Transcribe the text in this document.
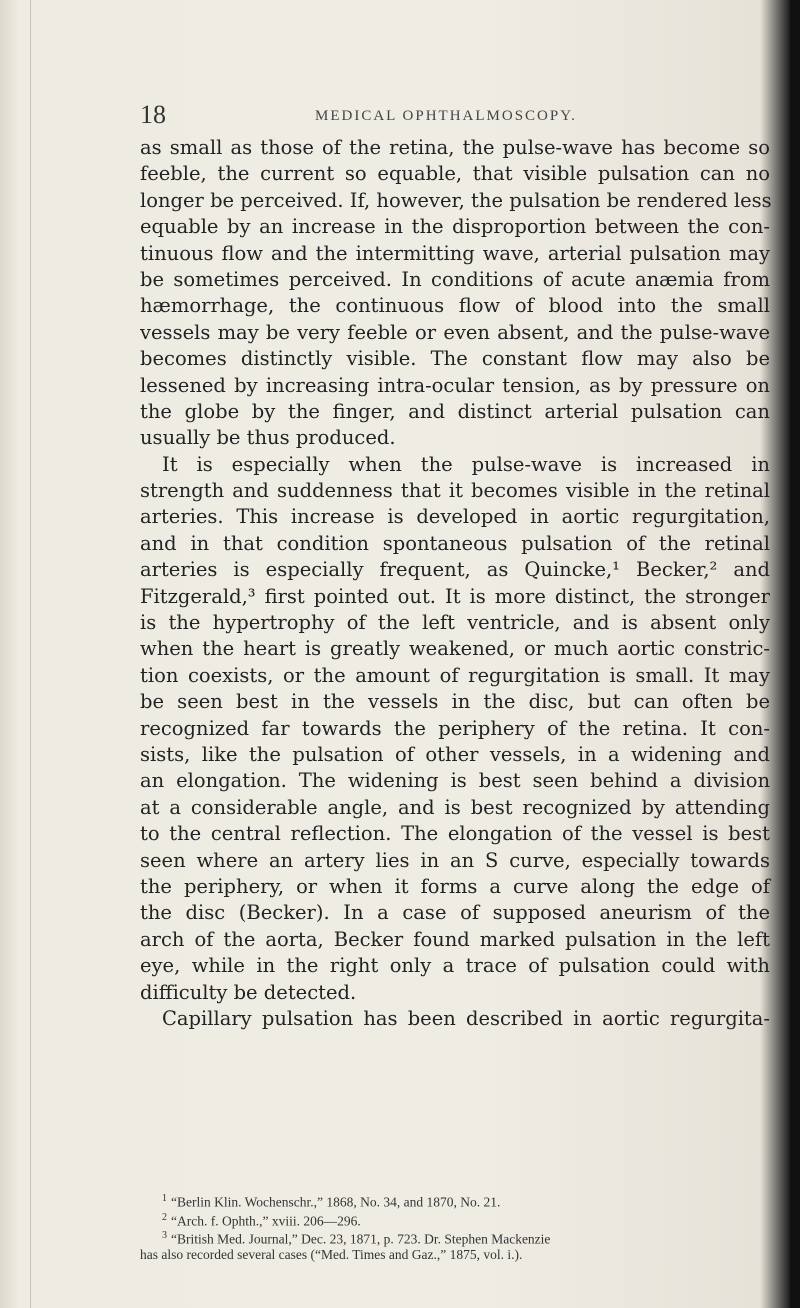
18	MEDICAL OPHTHALMOSCOPY.
as small as those of the retina, the pulse-wave has become so
feeble, the current so equable, that visible pulsation can no
longer be perceived. If, however, the pulsation be rendered less
equable by an increase in the disproportion between the con-
tinuous flow and the intermitting wave, arterial pulsation may
be sometimes perceived. In conditions of acute anæmia from
hæmorrhage, the continuous flow of blood into the small
vessels may be very feeble or even absent, and the pulse-wave
becomes distinctly visible. The constant flow may also be
lessened by increasing intra-ocular tension, as by pressure on
the globe by the finger, and distinct arterial pulsation can
usually be thus produced.
It is especially when the pulse-wave is increased in
strength and suddenness that it becomes visible in the retinal
arteries. This increase is developed in aortic regurgitation,
and in that condition spontaneous pulsation of the retinal
arteries is especially frequent, as Quincke,¹ Becker,² and
Fitzgerald,³ first pointed out. It is more distinct, the stronger
is the hypertrophy of the left ventricle, and is absent only
when the heart is greatly weakened, or much aortic constric-
tion coexists, or the amount of regurgitation is small. It may
be seen best in the vessels in the disc, but can often be
recognized far towards the periphery of the retina. It con-
sists, like the pulsation of other vessels, in a widening and
an elongation. The widening is best seen behind a division
at a considerable angle, and is best recognized by attending
to the central reflection. The elongation of the vessel is best
seen where an artery lies in an S curve, especially towards
the periphery, or when it forms a curve along the edge of
the disc (Becker). In a case of supposed aneurism of the
arch of the aorta, Becker found marked pulsation in the left
eye, while in the right only a trace of pulsation could with
difficulty be detected.
Capillary pulsation has been described in aortic regurgita-
$^1$ “Berlin Klin. Wochenschr.,” 1868, No. 34, and 1870, No. 21.
$^2$ “Arch. f. Ophth.,” xviii. 206—296.
$^3$ “British Med. Journal,” Dec. 23, 1871, p. 723. Dr. Stephen Mackenzie
has also recorded several cases (“Med. Times and Gaz.,” 1875, vol. i.).
